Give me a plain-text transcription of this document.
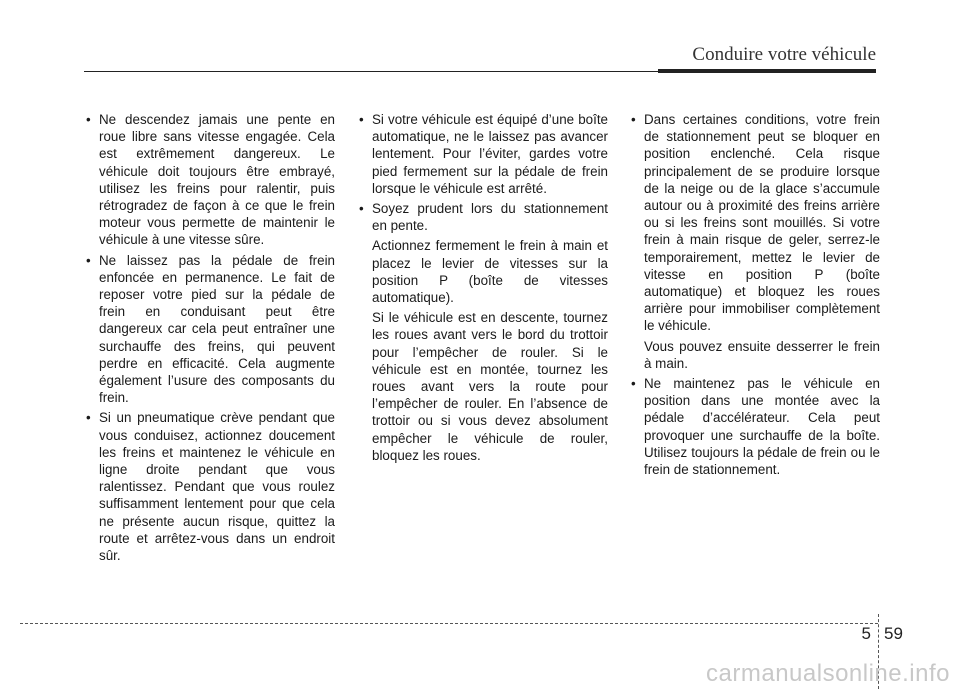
Conduire votre véhicule
• Ne descendez jamais une pente en roue libre sans vitesse engagée. Cela est extrêmement dangereux. Le véhicule doit toujours être embrayé, utilisez les freins pour ralentir, puis rétrogradez de façon à ce que le frein moteur vous permette de maintenir le véhicule à une vitesse sûre.

• Ne laissez pas la pédale de frein enfoncée en permanence. Le fait de reposer votre pied sur la pédale de frein en conduisant peut être dangereux car cela peut entraîner une surchauffe des freins, qui peuvent perdre en efficacité. Cela augmente également l’usure des composants du frein.

• Si un pneumatique crève pendant que vous conduisez, actionnez doucement les freins et maintenez le véhicule en ligne droite pendant que vous ralentissez. Pendant que vous roulez suffisamment lentement pour que cela ne présente aucun risque, quittez la route et arrêtez-vous dans un endroit sûr.

• Si votre véhicule est équipé d’une boîte automatique, ne le laissez pas avancer lentement. Pour l’éviter, gardes votre pied fermement sur la pédale de frein lorsque le véhicule est arrêté.

• Soyez prudent lors du stationnement en pente.

Actionnez fermement le frein à main et placez le levier de vitesses sur la position P (boîte de vitesses automatique).

Si le véhicule est en descente, tournez les roues avant vers le bord du trottoir pour l’empêcher de rouler. Si le véhicule est en montée, tournez les roues avant vers la route pour l’empêcher de rouler. En l’absence de trottoir ou si vous devez absolument empêcher le véhicule de rouler, bloquez les roues.

• Dans certaines conditions, votre frein de stationnement peut se bloquer en position enclenché. Cela risque principalement de se produire lorsque de la neige ou de la glace s’accumule autour ou à proximité des freins arrière ou si les freins sont mouillés. Si votre frein à main risque de geler, serrez-le temporairement, mettez le levier de vitesse en position P (boîte automatique) et bloquez les roues arrière pour immobiliser complètement le véhicule.

Vous pouvez ensuite desserrer le frein à main.

• Ne maintenez pas le véhicule en position dans une montée avec la pédale d’accélérateur. Cela peut provoquer une surchauffe de la boîte. Utilisez toujours la pédale de frein ou le frein de stationnement.

5 59
carmanualsonline.info
